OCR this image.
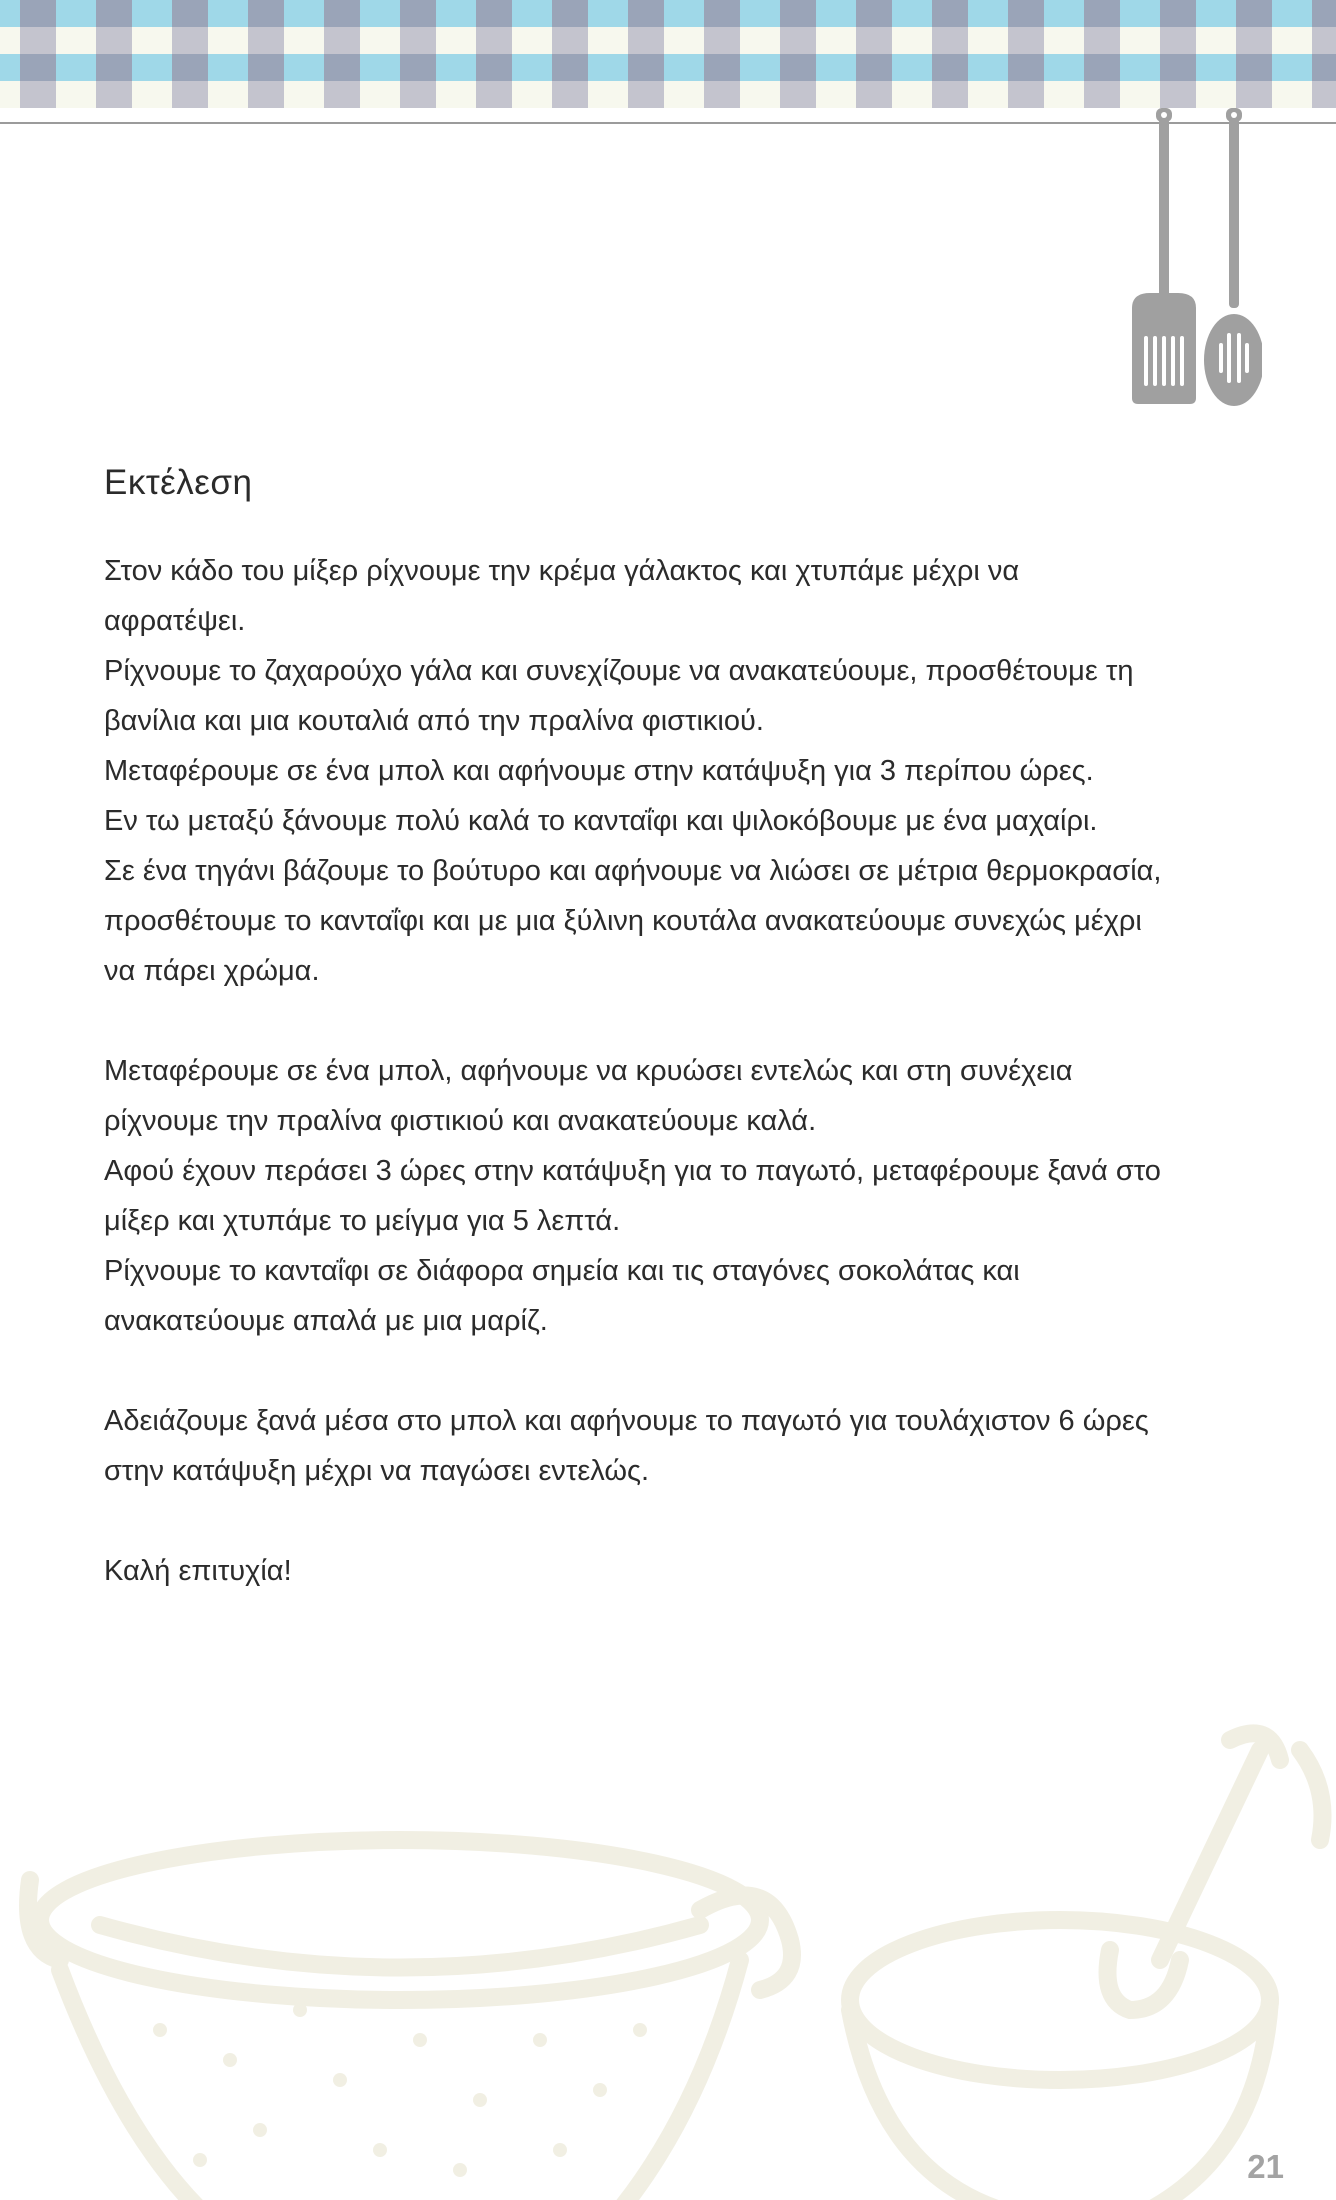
Εκτέλεση

Στον κάδο του μίξερ ρίχνουμε την κρέμα γάλακτος και χτυπάμε μέχρι να αφρατέψει.

Ρίχνουμε το ζαχαρούχο γάλα και συνεχίζουμε να ανακατεύουμε, προσθέτουμε τη βανίλια και μια κουταλιά από την πραλίνα φιστικιού.

Μεταφέρουμε σε ένα μπολ και αφήνουμε στην κατάψυξη για 3 περίπου ώρες.

Εν τω μεταξύ ξάνουμε πολύ καλά το κανταΐφι και ψιλοκόβουμε με ένα μαχαίρι.

Σε ένα τηγάνι βάζουμε το βούτυρο και αφήνουμε να λιώσει σε μέτρια θερμοκρασία, προσθέτουμε το κανταΐφι και με μια ξύλινη κουτάλα ανακατεύουμε συνεχώς μέχρι να πάρει χρώμα.

Μεταφέρουμε σε ένα μπολ, αφήνουμε να κρυώσει εντελώς και στη συνέχεια ρίχνουμε την πραλίνα φιστικιού και ανακατεύουμε καλά.

Αφού έχουν περάσει 3 ώρες στην κατάψυξη για το παγωτό, μεταφέρουμε ξανά στο μίξερ και χτυπάμε το μείγμα για 5 λεπτά.

Ρίχνουμε το κανταΐφι σε διάφορα σημεία και τις σταγόνες σοκολάτας και ανακατεύουμε απαλά με μια μαρίζ.

Αδειάζουμε ξανά μέσα στο μπολ και αφήνουμε το παγωτό για τουλάχιστον 6 ώρες στην κατάψυξη μέχρι να παγώσει εντελώς.

Καλή επιτυχία!

21
